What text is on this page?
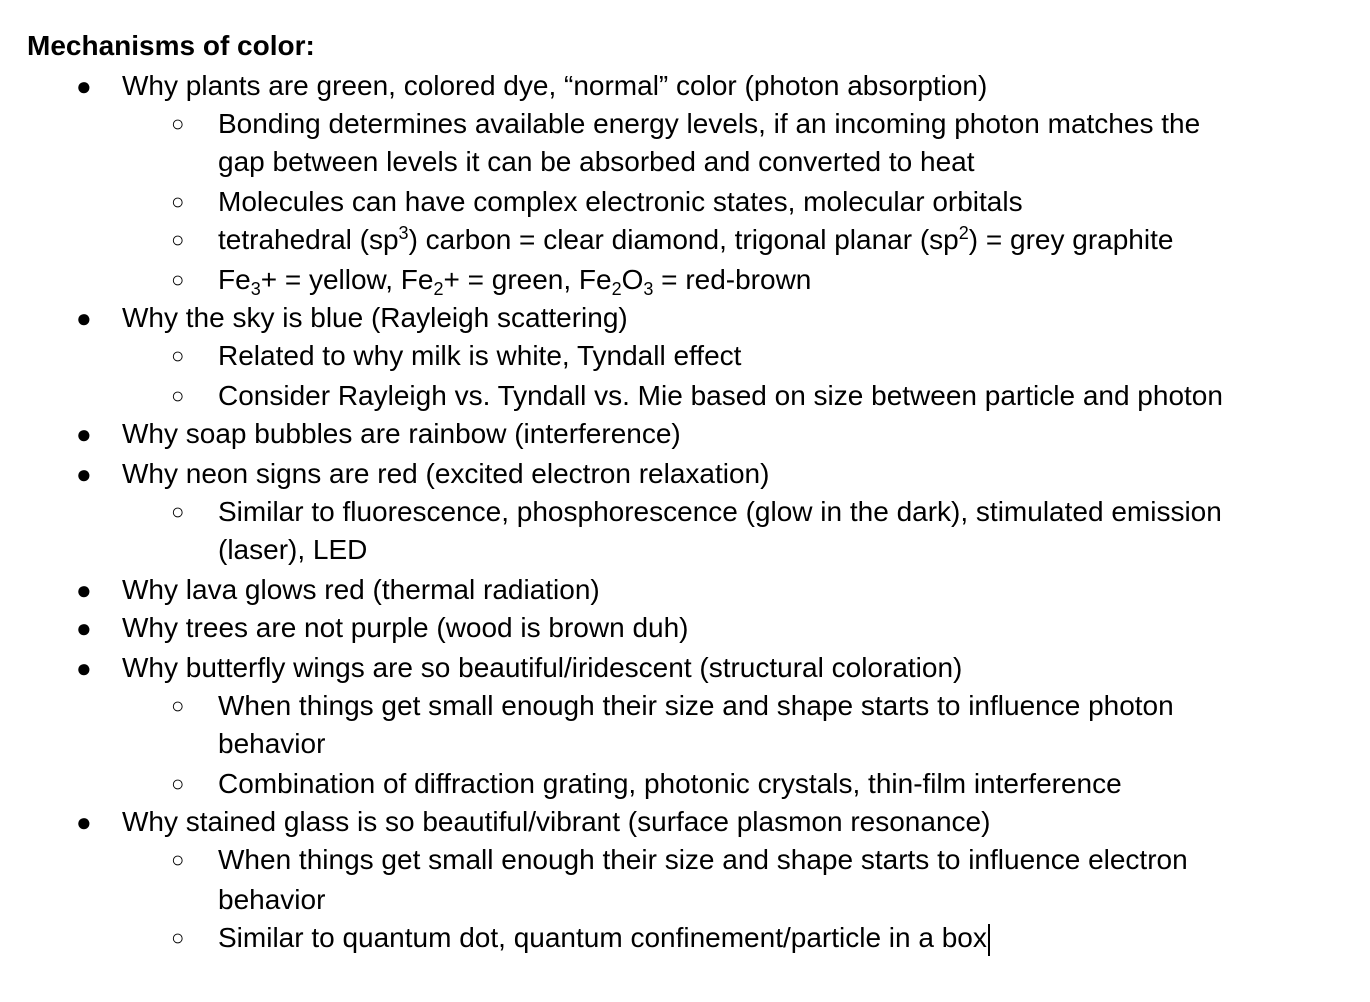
Mechanisms of color:
● Why plants are green, colored dye, “normal” color (photon absorption)
○ Bonding determines available energy levels, if an incoming photon matches the
gap between levels it can be absorbed and converted to heat
○ Molecules can have complex electronic states, molecular orbitals
○ tetrahedral $(sp^3)$ carbon = clear diamond, trigonal planar $(sp^2)$ = grey graphite
○ $Fe_3+$ = yellow, $Fe_2+$ = green, $Fe_2O_3$ = red-brown
● Why the sky is blue (Rayleigh scattering)
○ Related to why milk is white, Tyndall effect
○ Consider Rayleigh vs. Tyndall vs. Mie based on size between particle and photon
● Why soap bubbles are rainbow (interference)
● Why neon signs are red (excited electron relaxation)
○ Similar to fluorescence, phosphorescence (glow in the dark), stimulated emission
(laser), LED
● Why lava glows red (thermal radiation)
● Why trees are not purple (wood is brown duh)
● Why butterfly wings are so beautiful/iridescent (structural coloration)
○ When things get small enough their size and shape starts to influence photon
behavior
○ Combination of diffraction grating, photonic crystals, thin-film interference
● Why stained glass is so beautiful/vibrant (surface plasmon resonance)
○ When things get small enough their size and shape starts to influence electron
behavior
○ Similar to quantum dot, quantum confinement/particle in a box
